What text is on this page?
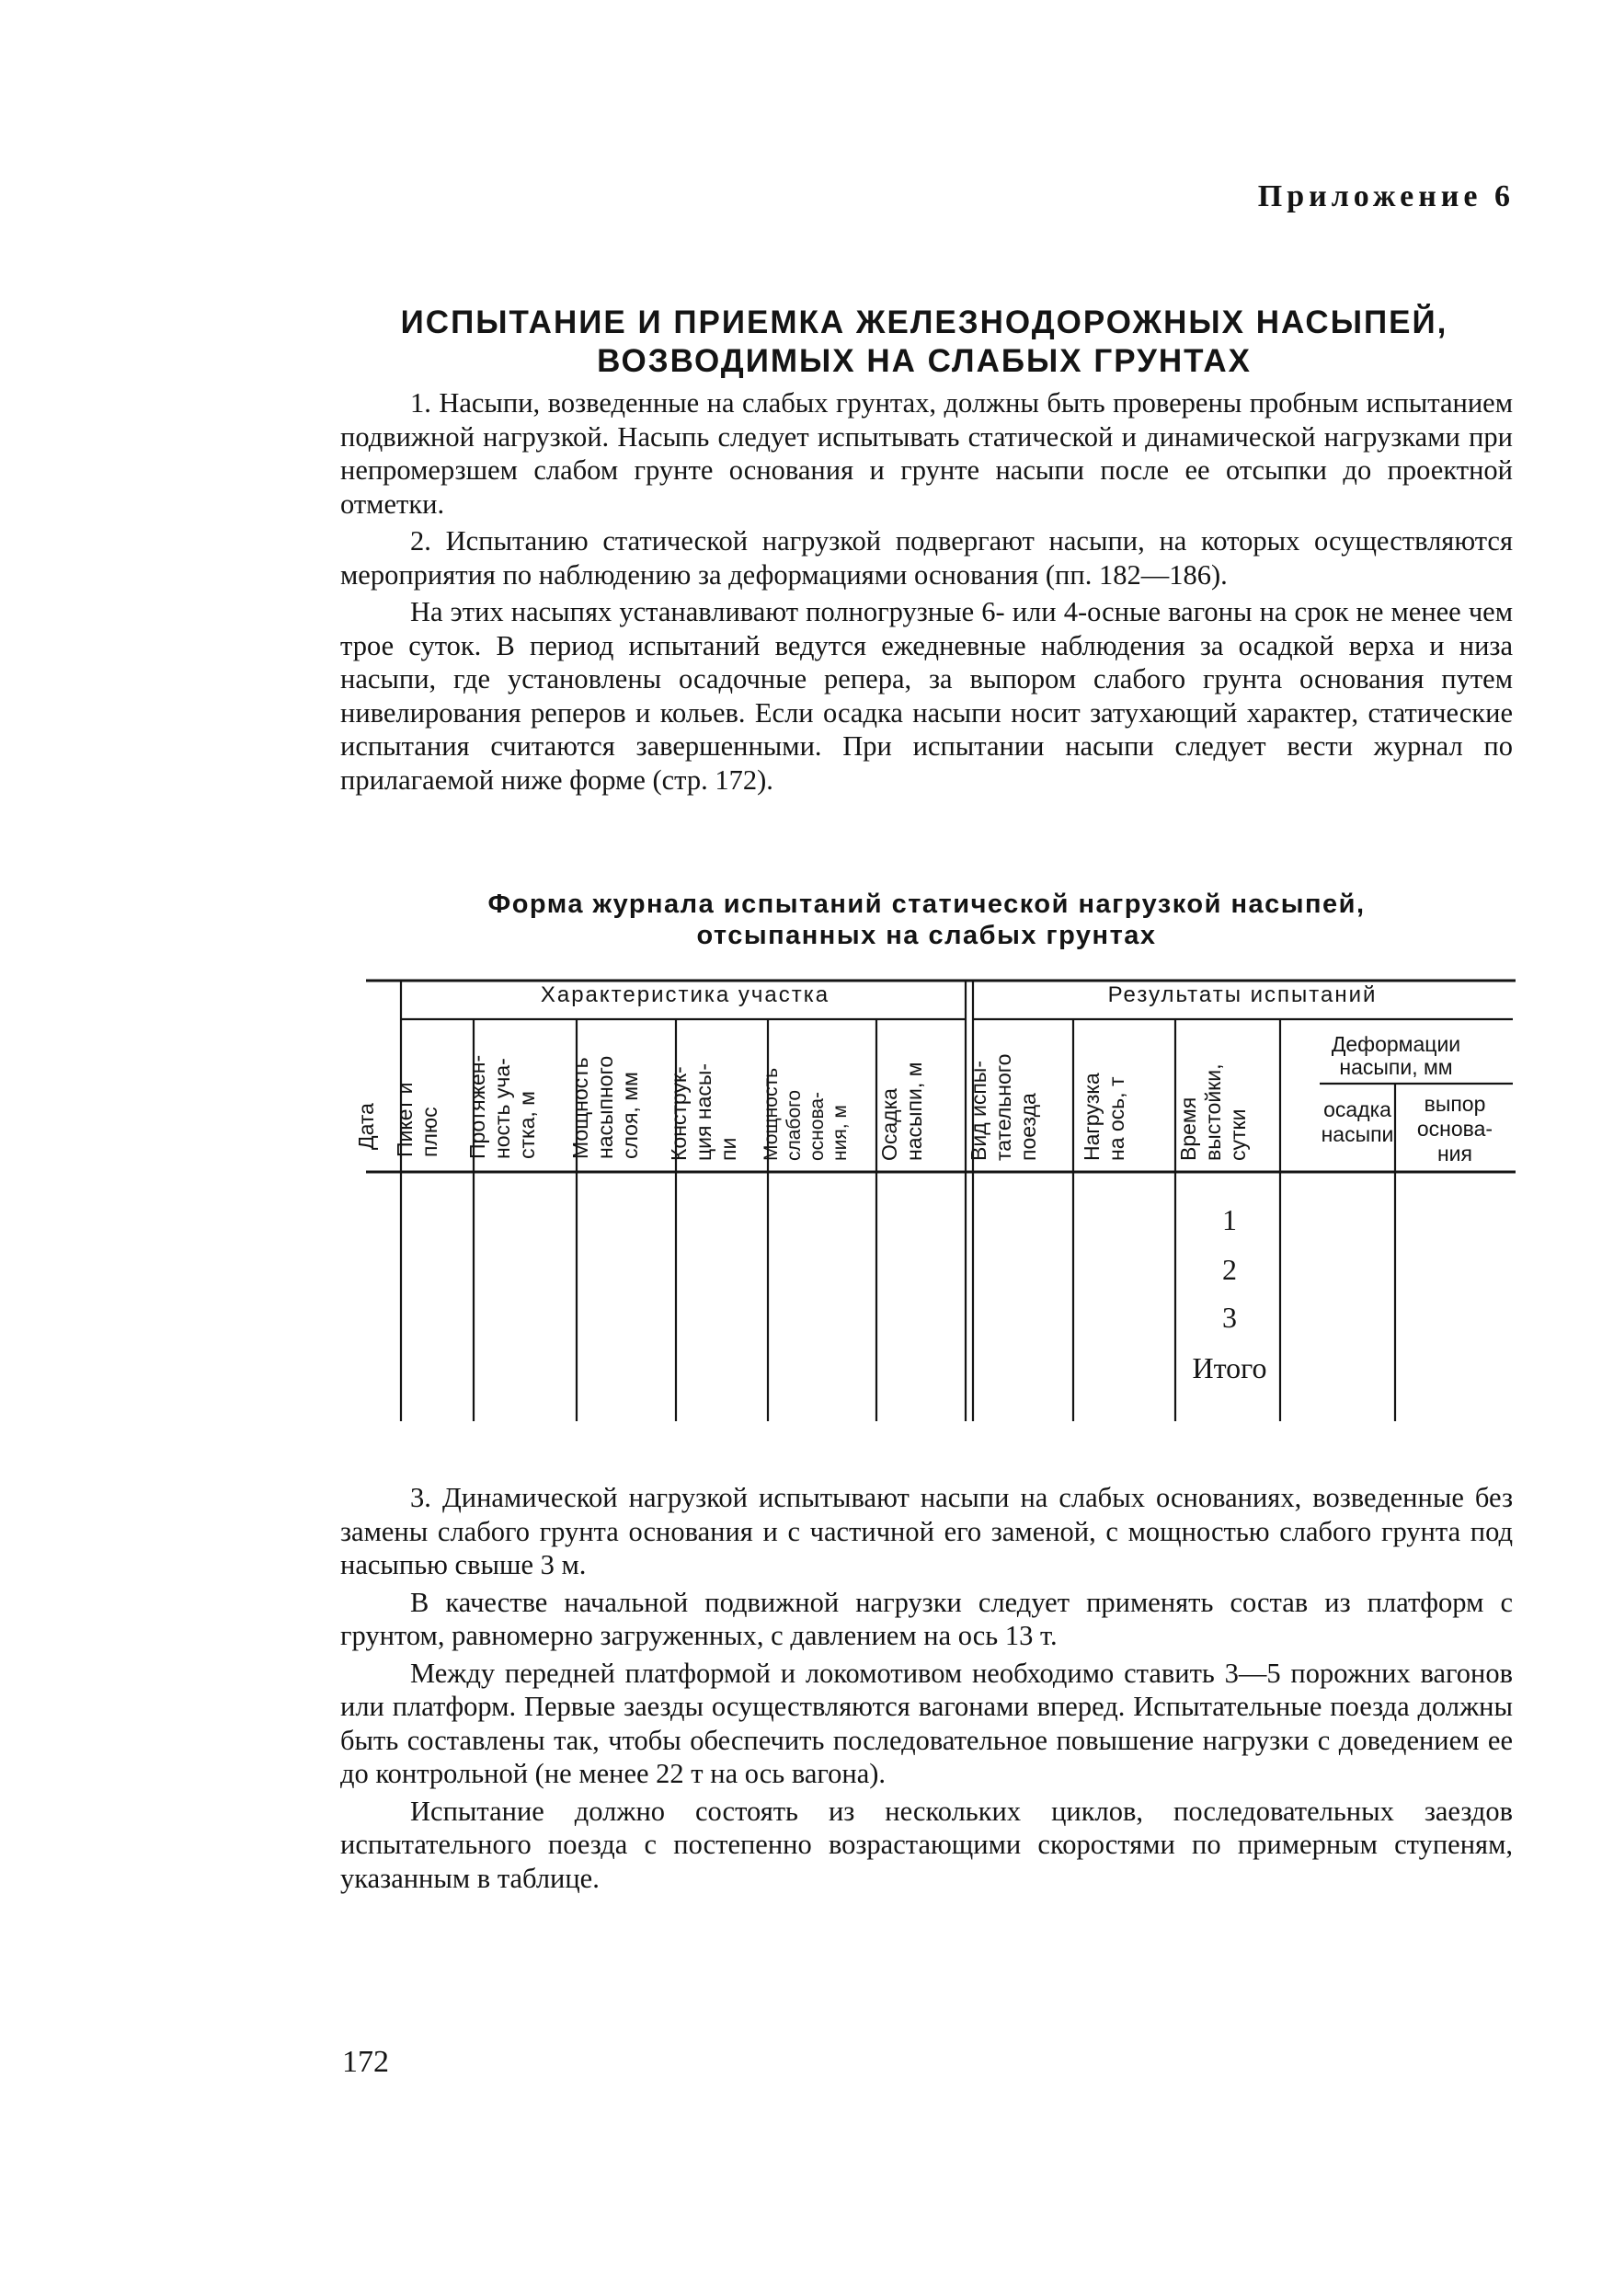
Приложение 6
ИСПЫТАНИЕ И ПРИЕМКА ЖЕЛЕЗНОДОРОЖНЫХ НАСЫПЕЙ,
ВОЗВОДИМЫХ НА СЛАБЫХ ГРУНТАХ

1. Насыпи, возведенные на слабых грунтах, должны быть проверены пробным испытанием подвижной нагрузкой. Насыпь следует испытывать статической и динамической нагрузками при непромерзшем слабом грунте основания и грунте насыпи после ее отсыпки до проектной отметки.

2. Испытанию статической нагрузкой подвергают насыпи, на которых осуществляются мероприятия по наблюдению за деформациями основания (пп. 182—186).

На этих насыпях устанавливают полногрузные 6- или 4-осные вагоны на срок не менее чем трое суток. В период испытаний ведутся ежедневные наблюдения за осадкой верха и низа насыпи, где установлены осадочные реперa, за выпором слабого грунта основания путем нивелирования реперов и кольев. Если осадка насыпи носит затухающий характер, статические испытания считаются завершенными. При испытании насыпи следует вести журнал по прилагаемой ниже форме (стр. 172).

Форма журнала испытаний статической нагрузкой насыпей,
отсыпанных на слабых грунтах
Характеристика участка	Результаты испытаний
Деформации
насыпи, мм
Дата Пикет и плюс Протяжен- ность уча- стка, м Мощность насыпного слоя, мм Конструк- ция насы- пи Мощность слабого основа- ния, м Осадка насыпи, м Вид испы- тательного поезда Нагрузка на ось, т Время выстойки, сутки	осадка
насыпи
выпор
основа-
ния
1
2
3
Итого

3. Динамической нагрузкой испытывают насыпи на слабых основаниях, возведенные без замены слабого грунта основания и с частичной его заменой, с мощностью слабого грунта под насыпью свыше 3 м.

В качестве начальной подвижной нагрузки следует применять состав из платформ с грунтом, равномерно загруженных, с давлением на ось 13 т.

Между передней платформой и локомотивом необходимо ставить 3—5 порожних вагонов или платформ. Первые заезды осуществляются вагонами вперед. Испытательные поезда должны быть составлены так, чтобы обеспечить последовательное повышение нагрузки с доведением ее до контрольной (не менее 22 т на ось вагона).

Испытание должно состоять из нескольких циклов, последовательных заездов испытательного поезда с постепенно возрастающими скоростями по примерным ступеням, указанным в таблице.

172
